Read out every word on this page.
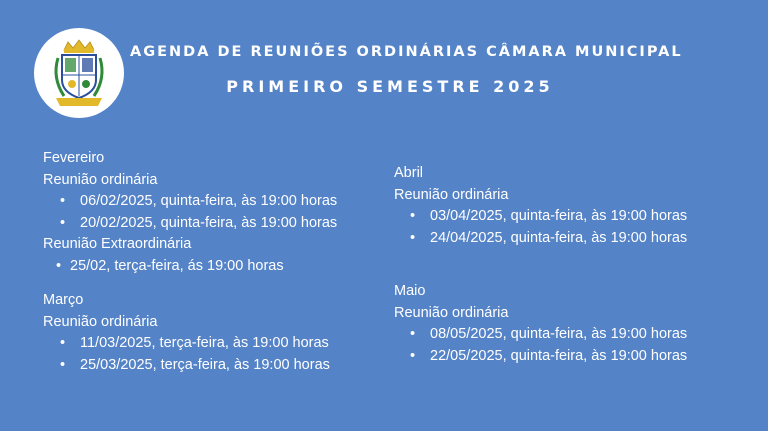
AGENDA DE REUNIÕES ORDINÁRIAS CÂMARA MUNICIPAL
PRIMEIRO SEMESTRE 2025
Fevereiro
Reunião ordinária
• 06/02/2025, quinta-feira, às 19:00 horas
• 20/02/2025, quinta-feira, às 19:00 horas
Reunião Extraordinária
• 25/02, terça-feira, ás 19:00 horas
Março
Reunião ordinária
• 11/03/2025, terça-feira, às 19:00 horas
• 25/03/2025, terça-feira, às 19:00 horas
Abril
Reunião ordinária
• 03/04/2025, quinta-feira, às 19:00 horas
• 24/04/2025, quinta-feira, às 19:00 horas
Maio
Reunião ordinária
• 08/05/2025, quinta-feira, às 19:00 horas
• 22/05/2025, quinta-feira, às 19:00 horas
